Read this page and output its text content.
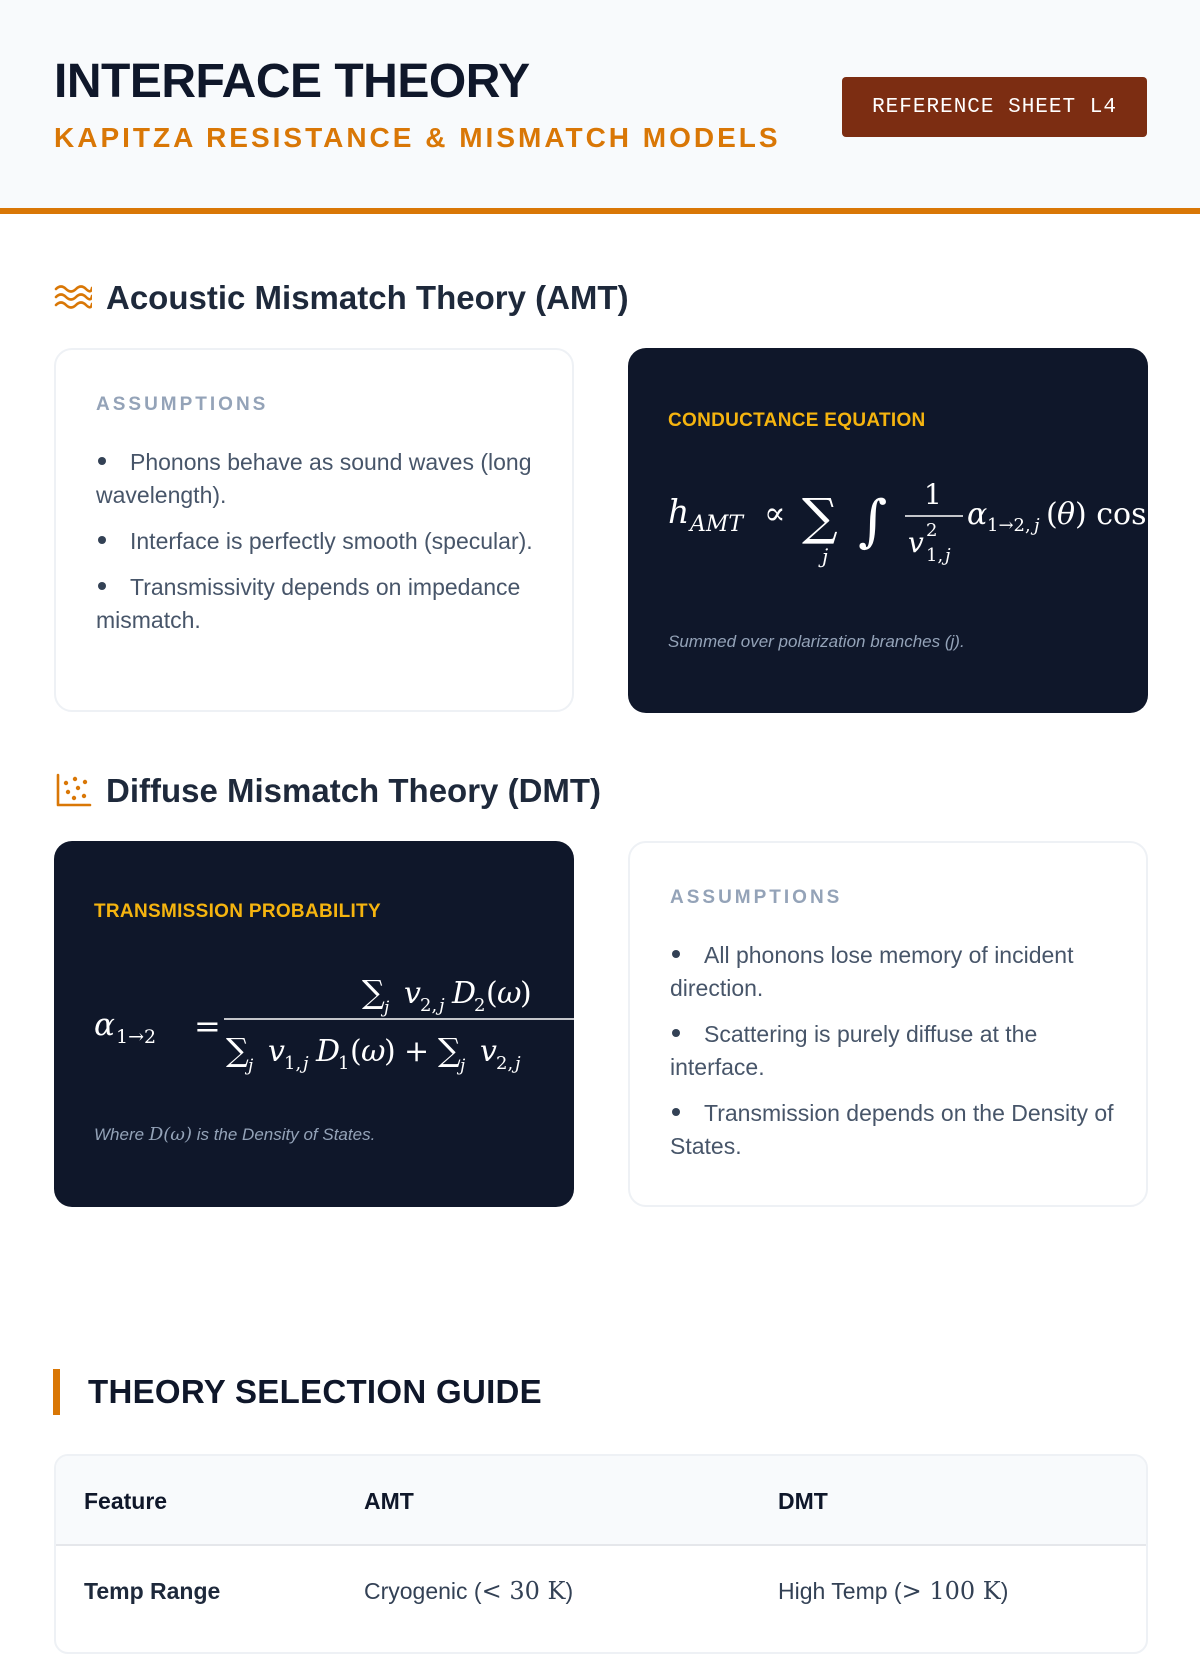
INTERFACE THEORY
KAPITZA RESISTANCE & MISMATCH MODELS
REFERENCE SHEET L4
Acoustic Mismatch Theory (AMT)
ASSUMPTIONS
Phonons behave as sound waves (long wavelength).
Interface is perfectly smooth (specular).
Transmissivity depends on impedance mismatch.
CONDUCTANCE EQUATION
h AMT ∝ ∑
j
∫ 1
v 2
1, j
α 1→2, j ( θ ) cos
Summed over polarization branches (j).
Diffuse Mismatch Theory (DMT)
TRANSMISSION PROBABILITY
α 1→2 =
∑ j v 2, j D
2 ( ω
)
∑ j v 1, j D
1 ( ω
) + ∑ j v 2, j
Where D(ω) is the Density of States.
ASSUMPTIONS
All phonons lose memory of incident direction.
Scattering is purely diffuse at the interface.
Transmission depends on the Density of States.
THEORY SELECTION GUIDE
Feature	AMT	DMT
Temp Range	Cryogenic (< 30 K)	High Temp (> 100 K)
